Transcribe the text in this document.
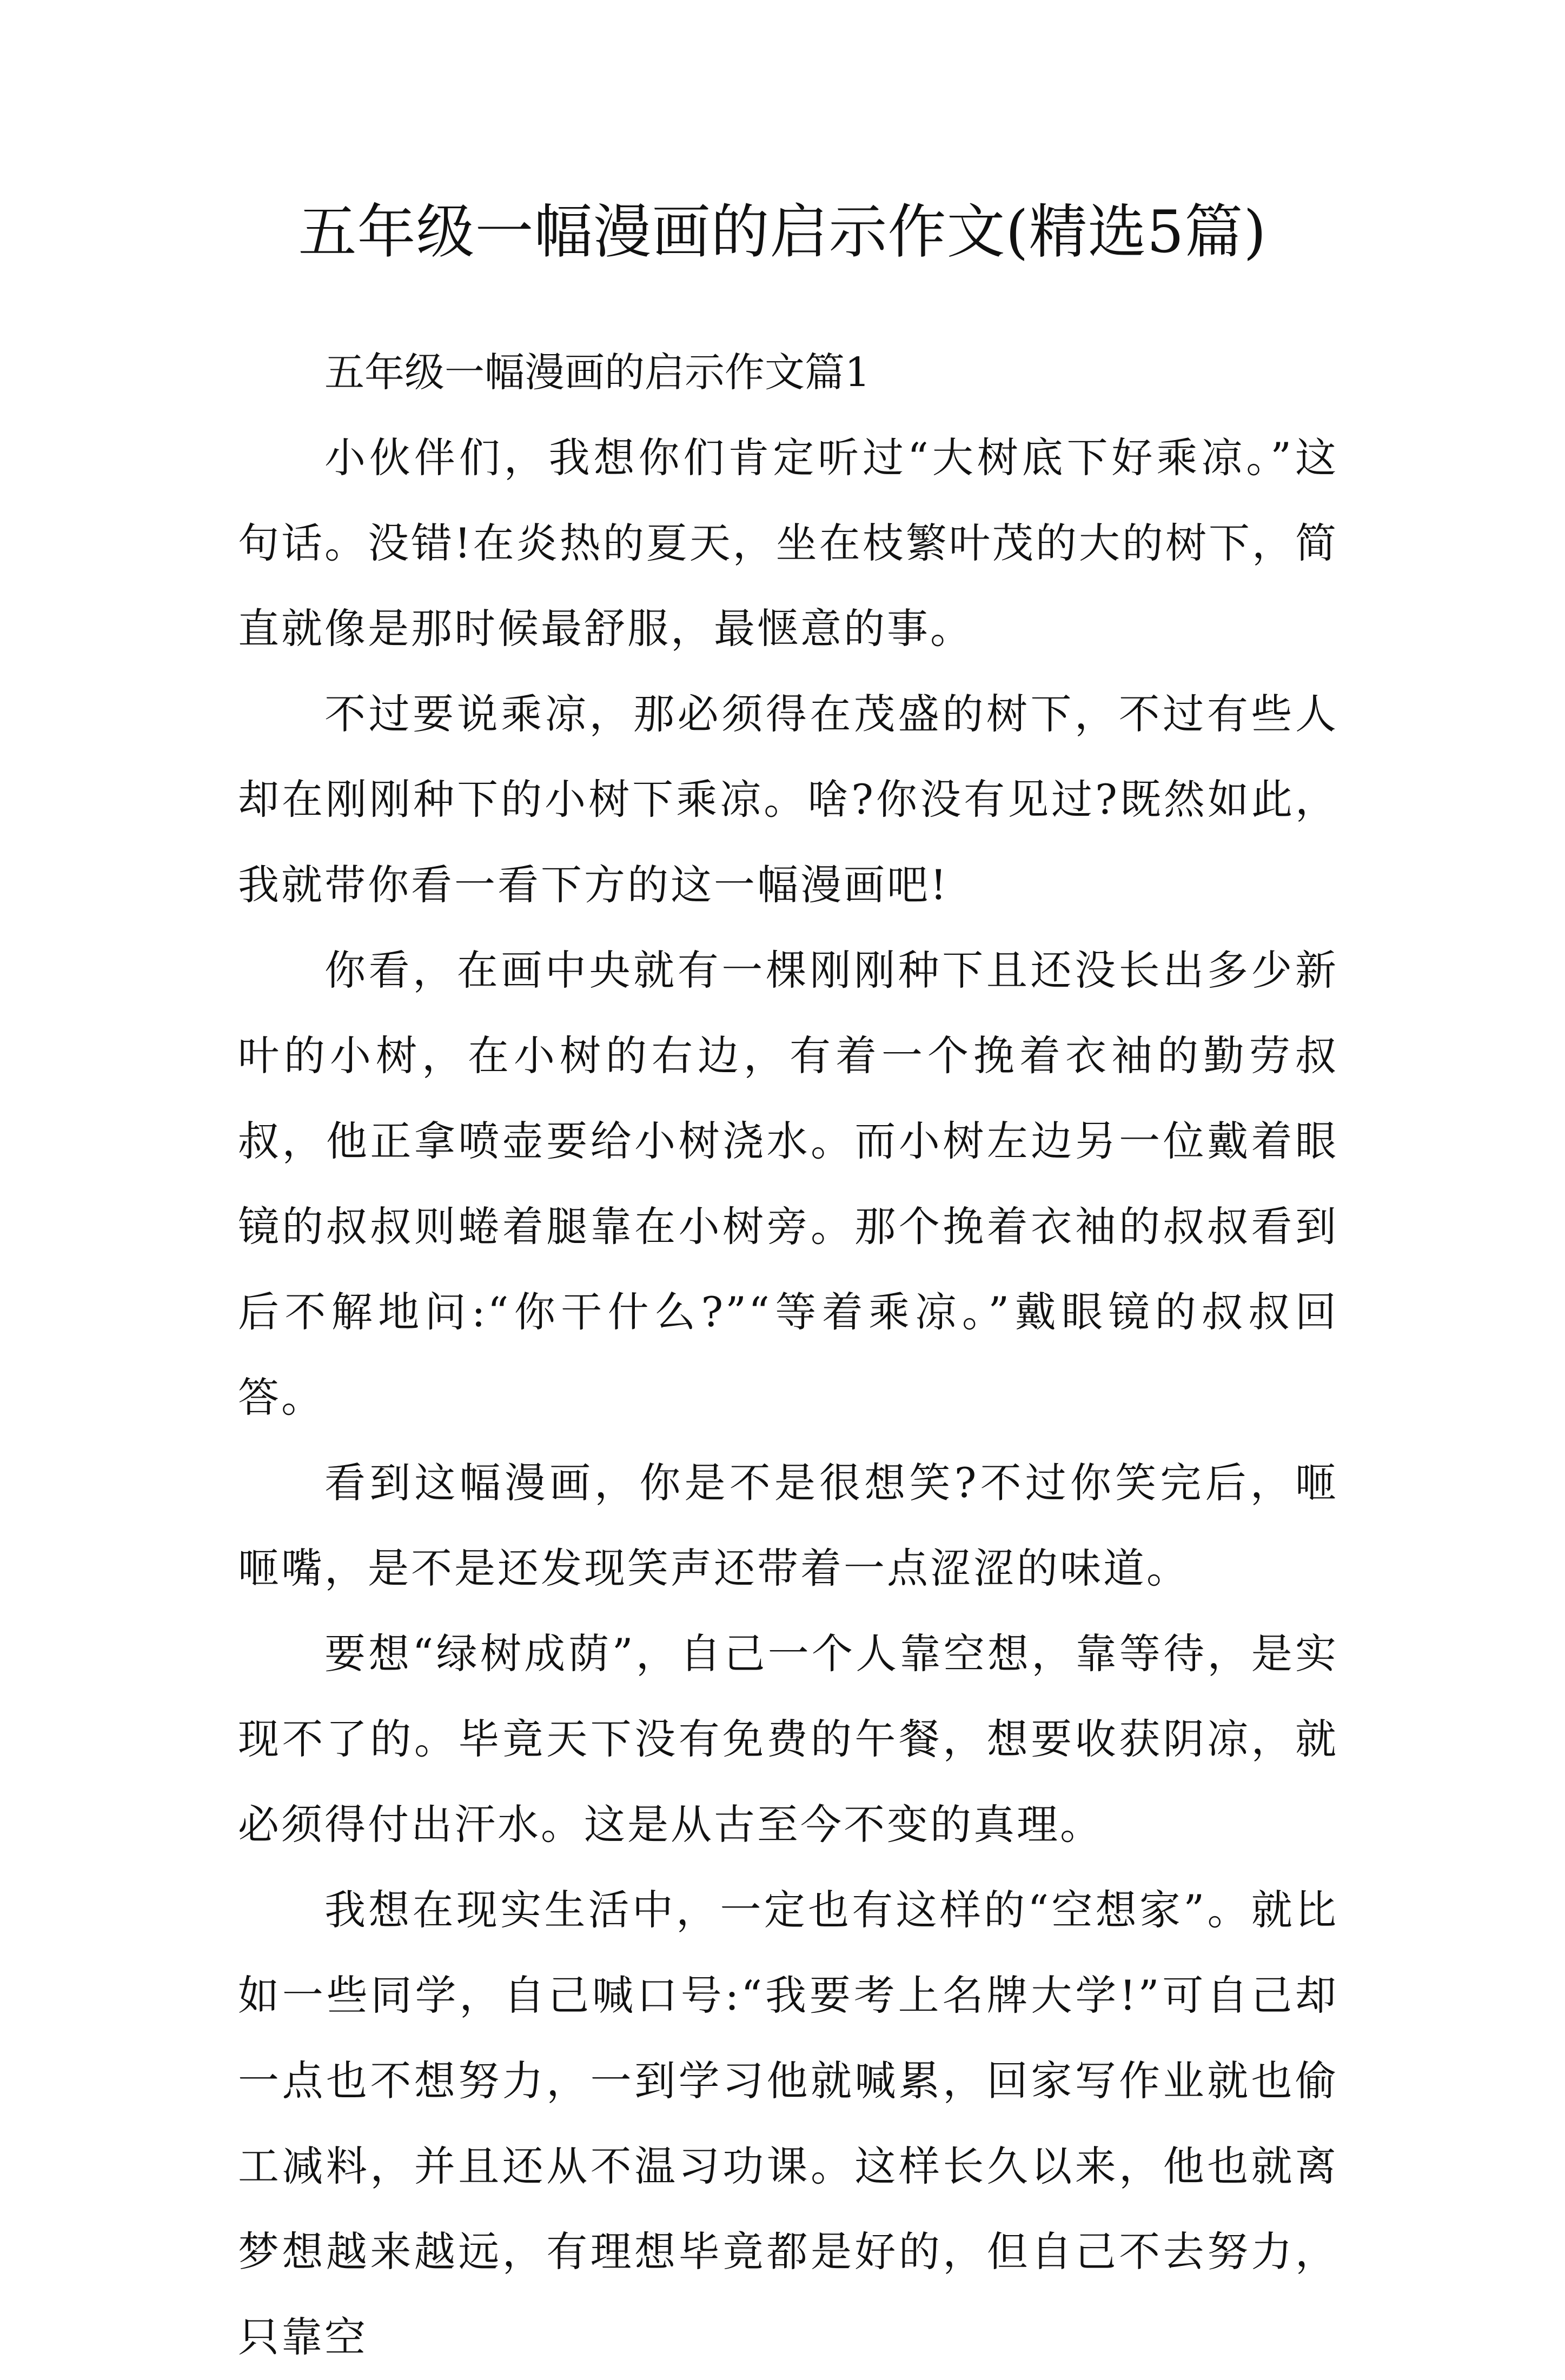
五年级一幅漫画的启示作文(精选5篇)
五年级一幅漫画的启示作文篇1

小伙伴们，我想你们肯定听过“大树底下好乘凉。”这句话。没错!在炎热的夏天，坐在枝繁叶茂的大的树下，简直就像是那时候最舒服，最惬意的事。

不过要说乘凉，那必须得在茂盛的树下，不过有些人却在刚刚种下的小树下乘凉。啥?你没有见过?既然如此，我就带你看一看下方的这一幅漫画吧!

你看，在画中央就有一棵刚刚种下且还没长出多少新叶的小树，在小树的右边，有着一个挽着衣袖的勤劳叔叔，他正拿喷壶要给小树浇水。而小树左边另一位戴着眼镜的叔叔则蜷着腿靠在小树旁。那个挽着衣袖的叔叔看到后不解地问:“你干什么?”“等着乘凉。”戴眼镜的叔叔回答。

看到这幅漫画，你是不是很想笑?不过你笑完后，咂咂嘴，是不是还发现笑声还带着一点涩涩的味道。

要想“绿树成荫”，自己一个人靠空想，靠等待，是实现不了的。毕竟天下没有免费的午餐，想要收获阴凉，就必须得付出汗水。这是从古至今不变的真理。

我想在现实生活中，一定也有这样的“空想家”。就比如一些同学，自己喊口号:“我要考上名牌大学!”可自己却一点也不想努力，一到学习他就喊累，回家写作业就也偷工减料，并且还从不温习功课。这样长久以来，他也就离梦想越来越远，有理想毕竟都是好的，但自己不去努力，只靠空
